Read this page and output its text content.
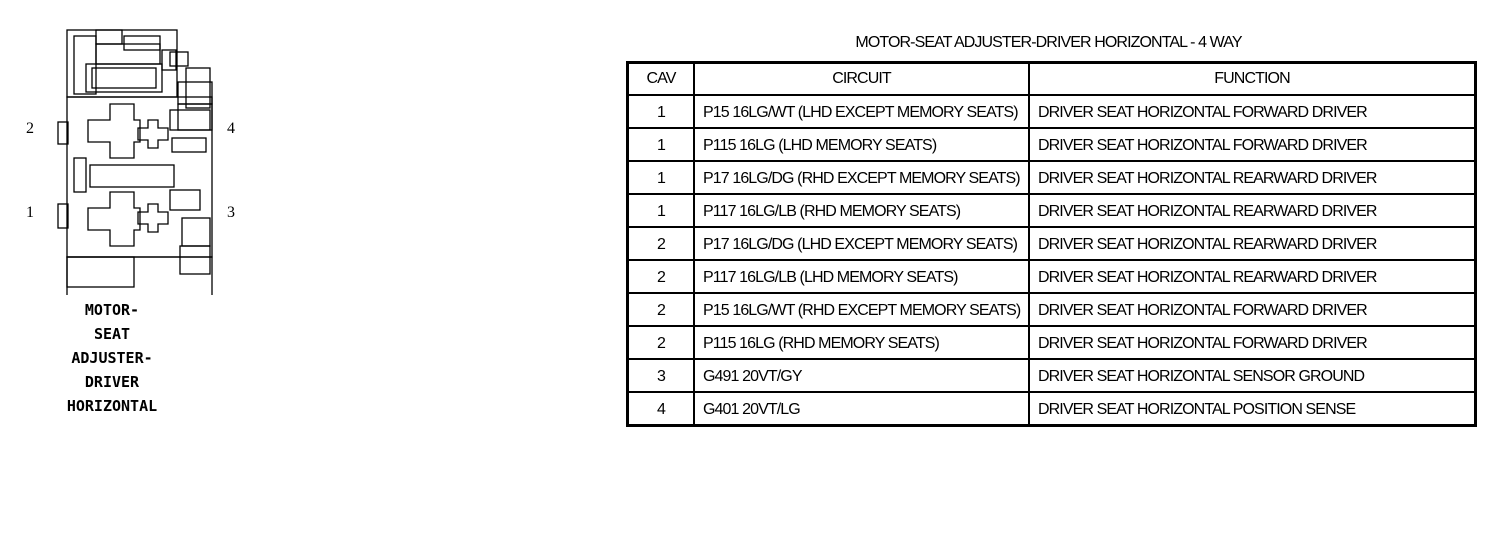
2	4
1	3
MOTOR-
SEAT
ADJUSTER-
DRIVER
HORIZONTAL
MOTOR-SEAT ADJUSTER-DRIVER HORIZONTAL - 4 WAY
CAV	CIRCUIT	FUNCTION
1	P15 16LG/WT (LHD EXCEPT MEMORY SEATS)	DRIVER SEAT HORIZONTAL FORWARD DRIVER
1	P115 16LG (LHD MEMORY SEATS)	DRIVER SEAT HORIZONTAL FORWARD DRIVER
1	P17 16LG/DG (RHD EXCEPT MEMORY SEATS)	DRIVER SEAT HORIZONTAL REARWARD DRIVER
1	P117 16LG/LB (RHD MEMORY SEATS)	DRIVER SEAT HORIZONTAL REARWARD DRIVER
2	P17 16LG/DG (LHD EXCEPT MEMORY SEATS)	DRIVER SEAT HORIZONTAL REARWARD DRIVER
2	P117 16LG/LB (LHD MEMORY SEATS)	DRIVER SEAT HORIZONTAL REARWARD DRIVER
2	P15 16LG/WT (RHD EXCEPT MEMORY SEATS)	DRIVER SEAT HORIZONTAL FORWARD DRIVER
2	P115 16LG (RHD MEMORY SEATS)	DRIVER SEAT HORIZONTAL FORWARD DRIVER
3	G491 20VT/GY	DRIVER SEAT HORIZONTAL SENSOR GROUND
4	G401 20VT/LG	DRIVER SEAT HORIZONTAL POSITION SENSE
